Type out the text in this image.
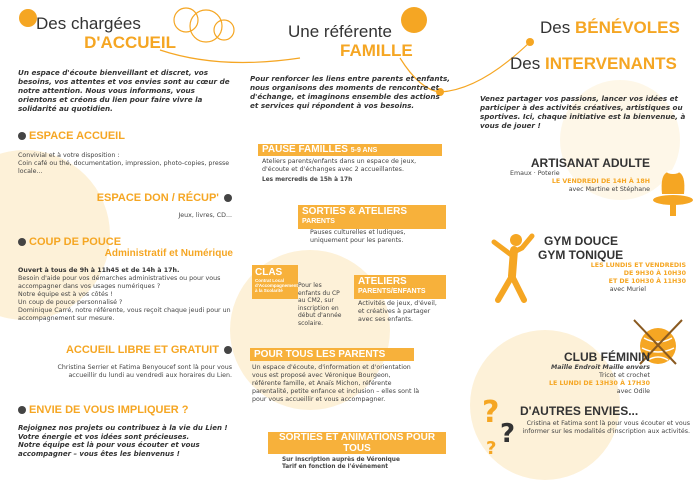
Des chargées
D'ACCUEIL
Un espace d'écoute bienveillant et discret, vos besoins, vos attentes et vos envies sont au cœur de notre attention. Nous vous informons, vous orientons et créons du lien pour faire vivre la solidarité au quotidien.
ESPACE ACCUEIL
Convivial et à votre disposition :
Coin café ou thé, documentation, impression, photo-copies, presse locale...
ESPACE DON / RÉCUP'
Jeux, livres, CD...
COUP DE POUCE
Administratif et Numérique
Ouvert à tous de 9h à 11h45 et de 14h à 17h.
Besoin d'aide pour vos démarches administratives ou pour vous accompagner dans vos usages numériques ?
Notre équipe est à vos côtés !
Un coup de pouce personnalisé ?
Dominique Carré, notre référente, vous reçoit chaque jeudi pour un accompagnement sur mesure.
ACCUEIL LIBRE ET GRATUIT
Christina Serrier et Fatima Benyoucef sont là pour vous accueillir du lundi au vendredi aux horaires du Lien.
ENVIE DE VOUS IMPLIQUER ?
Rejoignez nos projets ou contribuez à la vie du Lien ! Votre énergie et vos idées sont précieuses.
Notre équipe est là pour vous écouter et vous accompagner – vous êtes les bienvenus !
Une référente
FAMILLE
Pour renforcer les liens entre parents et enfants, nous organisons des moments de rencontre et d'échange, et imaginons ensemble des actions et services qui répondent à vos besoins.
PAUSE FAMILLES 5-9 ANS
Ateliers parents/enfants dans un espace de jeux, d'écoute et d'échanges avec 2 accueillantes.
Les mercredis de 15h à 17h
SORTIES & ATELIERS
PARENTS
Pauses culturelles et ludiques, uniquement pour les parents.
CLAS
Contrat Local d'Accompagnement à la Scolarité
Pour les enfants du CP au CM2, sur inscription en début d'année scolaire.
ATELIERS
PARENTS/ENFANTS
Activités de jeux, d'éveil, et créatives à partager avec ses enfants.
POUR TOUS LES PARENTS
Un espace d'écoute, d'information et d'orientation vous est proposé avec Véronique Bourgeon, référente famille, et Anaïs Michon, référente parentalité, petite enfance et inclusion – elles sont là pour vous accueillir et vous accompagner.
SORTIES ET ANIMATIONS POUR TOUS
Sur inscription auprès de Véronique
Tarif en fonction de l'événement
Des BÉNÉVOLES
Des INTERVENANTS
Venez partager vos passions, lancer vos idées et participer à des activités créatives, artistiques ou sportives. Ici, chaque initiative est la bienvenue, à vous de jouer !
ARTISANAT ADULTE
Emaux · Poterie
LE VENDREDI DE 14H À 18H
avec Martine et Stéphane
GYM DOUCE
GYM TONIQUE
LES LUNDIS ET VENDREDIS
DE 9H30 À 10H30
ET DE 10H30 À 11H30
avec Muriel
CLUB FÉMININ
Maille Endroit Maille envers
Tricot et crochet
LE LUNDI DE 13H30 À 17H30
avec Odile
?
?
?
D'AUTRES ENVIES...
Cristina et Fatima sont là pour vous écouter et vous informer sur les modalités d'inscription aux activités.
